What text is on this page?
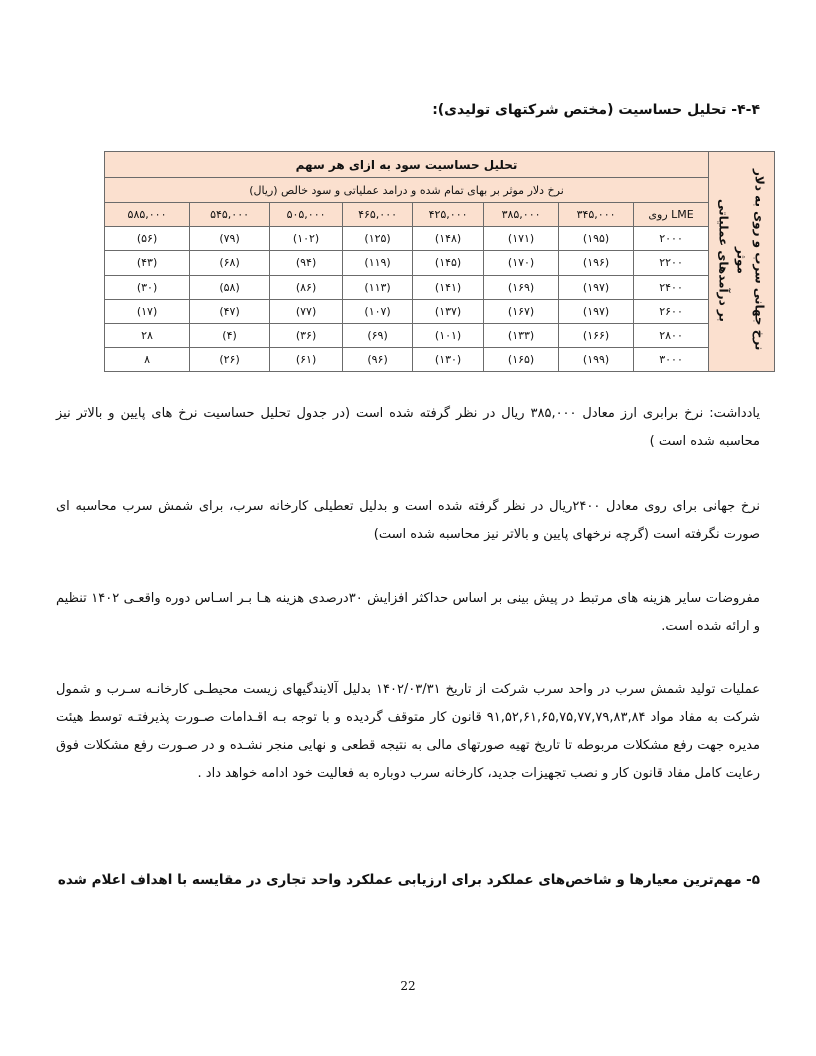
۴-۴- تحلیل حساسیت (مختص شرکتهای تولیدی):
نرخ جهانی سرب و روی به دلار موثر
بر درآمدهای عملیاتی	تحلیل حساسیت سود به ازای هر سهم							
	نرخ دلار موثر بر بهای تمام شده و درامد عملیاتی و سود خالص (ریال)							
	LME روی	۳۴۵,۰۰۰	۳۸۵,۰۰۰	۴۲۵,۰۰۰	۴۶۵,۰۰۰	۵۰۵,۰۰۰	۵۴۵,۰۰۰	۵۸۵,۰۰۰
	۲۰۰۰	(۱۹۵)	(۱۷۱)	(۱۴۸)	(۱۲۵)	(۱۰۲)	(۷۹)	(۵۶)
	۲۲۰۰	(۱۹۶)	(۱۷۰)	(۱۴۵)	(۱۱۹)	(۹۴)	(۶۸)	(۴۳)
	۲۴۰۰	(۱۹۷)	(۱۶۹)	(۱۴۱)	(۱۱۳)	(۸۶)	(۵۸)	(۳۰)
	۲۶۰۰	(۱۹۷)	(۱۶۷)	(۱۳۷)	(۱۰۷)	(۷۷)	(۴۷)	(۱۷)
	۲۸۰۰	(۱۶۶)	(۱۳۳)	(۱۰۱)	(۶۹)	(۳۶)	(۴)	۲۸
	۳۰۰۰	(۱۹۹)	(۱۶۵)	(۱۳۰)	(۹۶)	(۶۱)	(۲۶)	۸
یادداشت: نرخ برابری ارز معادل ۳۸۵,۰۰۰ ریال در نظر گرفته شده است (در جدول تحلیل حساسیت نرخ های پایین و بالاتر نیز محاسبه شده است )
نرخ جهانی برای روی معادل ۲۴۰۰ریال در نظر گرفته شده است و بدلیل تعطیلی کارخانه سرب، برای شمش سرب محاسبه ای صورت نگرفته است (گرچه نرخهای پایین و بالاتر نیز محاسبه شده است)
مفروضات سایر هزینه های مرتبط در پیش بینی بر اساس حداکثر افزایش ۳۰درصدی هزینه هـا بـر اسـاس دوره واقعـی ۱۴۰۲ تنظیم و ارائه شده است.
عملیات تولید شمش سرب در واحد سرب شرکت از تاریخ ۱۴۰۲/۰۳/۳۱ بدلیل آلایندگیهای زیست محیطـی کارخانـه سـرب و شمول شرکت به مفاد مواد ۹۱,۵۲,۶۱,۶۵,۷۵,۷۷,۷۹,۸۳,۸۴ قانون کار متوقف گردیده و با توجه بـه اقـدامات صـورت پذیرفتـه توسط هیئت مدیره جهت رفع مشکلات مربوطه تا تاریخ تهیه صورتهای مالی به نتیجه قطعی و نهایی منجر نشـده و در صـورت رفع مشکلات فوق رعایت کامل مفاد قانون کار و نصب تجهیزات جدید، کارخانه سرب دوباره به فعالیت خود ادامه خواهد داد .
۵- مهم‌ترین معیارها و شاخص‌های عملکرد برای ارزیابی عملکرد واحد تجاری در مقایسه با اهداف اعلام شده
22
